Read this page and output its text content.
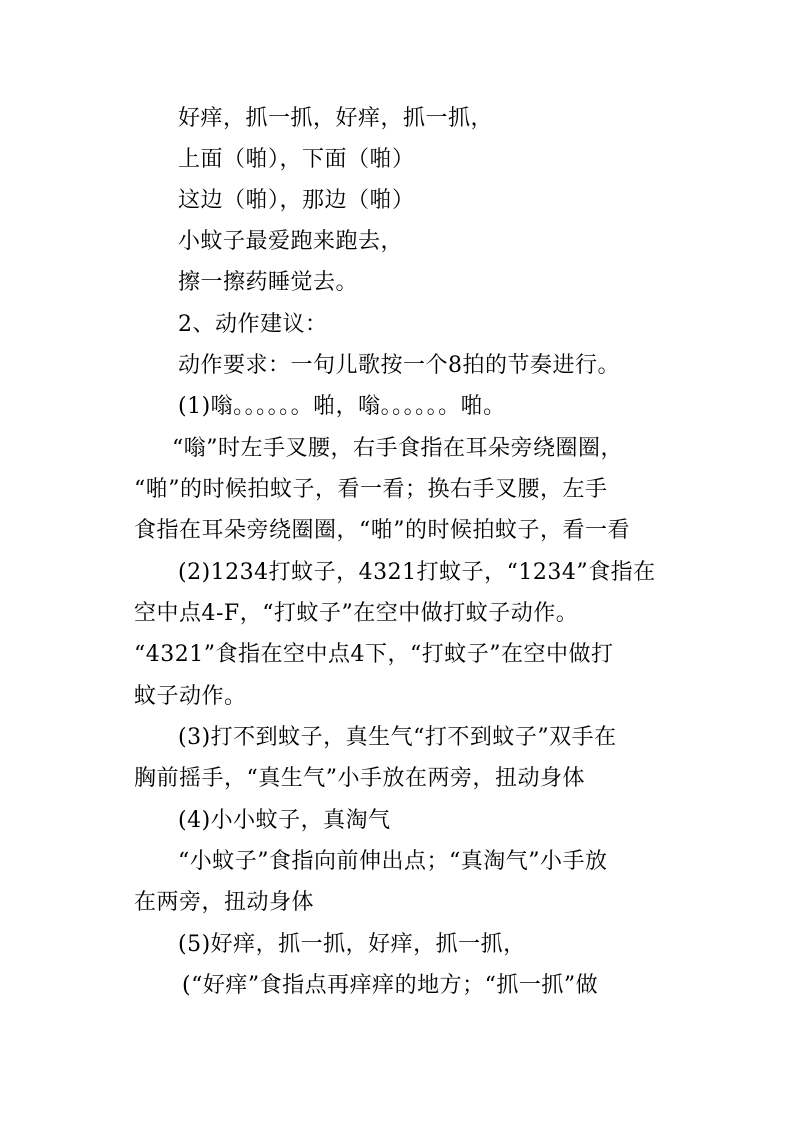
好痒，抓一抓，好痒，抓一抓，
上面（啪），下面（啪）
这边（啪），那边（啪）
小蚊子最爱跑来跑去，
擦一擦药睡觉去。
2、动作建议：
动作要求：一句儿歌按一个8拍的节奏进行。
(1)嗡。。。。。。啪，嗡。。。。。。啪。
“嗡”时左手叉腰，右手食指在耳朵旁绕圈圈，
“啪”的时候拍蚊子，看一看；换右手叉腰，左手
食指在耳朵旁绕圈圈，“啪”的时候拍蚊子，看一看
(2)1234打蚊子，4321打蚊子，“1234”食指在
空中点4-F，“打蚊子”在空中做打蚊子动作。
“4321”食指在空中点4下，“打蚊子”在空中做打
蚊子动作。
(3)打不到蚊子，真生气“打不到蚊子”双手在
胸前摇手，“真生气”小手放在两旁，扭动身体
(4)小小蚊子，真淘气
“小蚊子”食指向前伸出点；“真淘气”小手放
在两旁，扭动身体
(5)好痒，抓一抓，好痒，抓一抓，
(“好痒”食指点再痒痒的地方；“抓一抓”做
